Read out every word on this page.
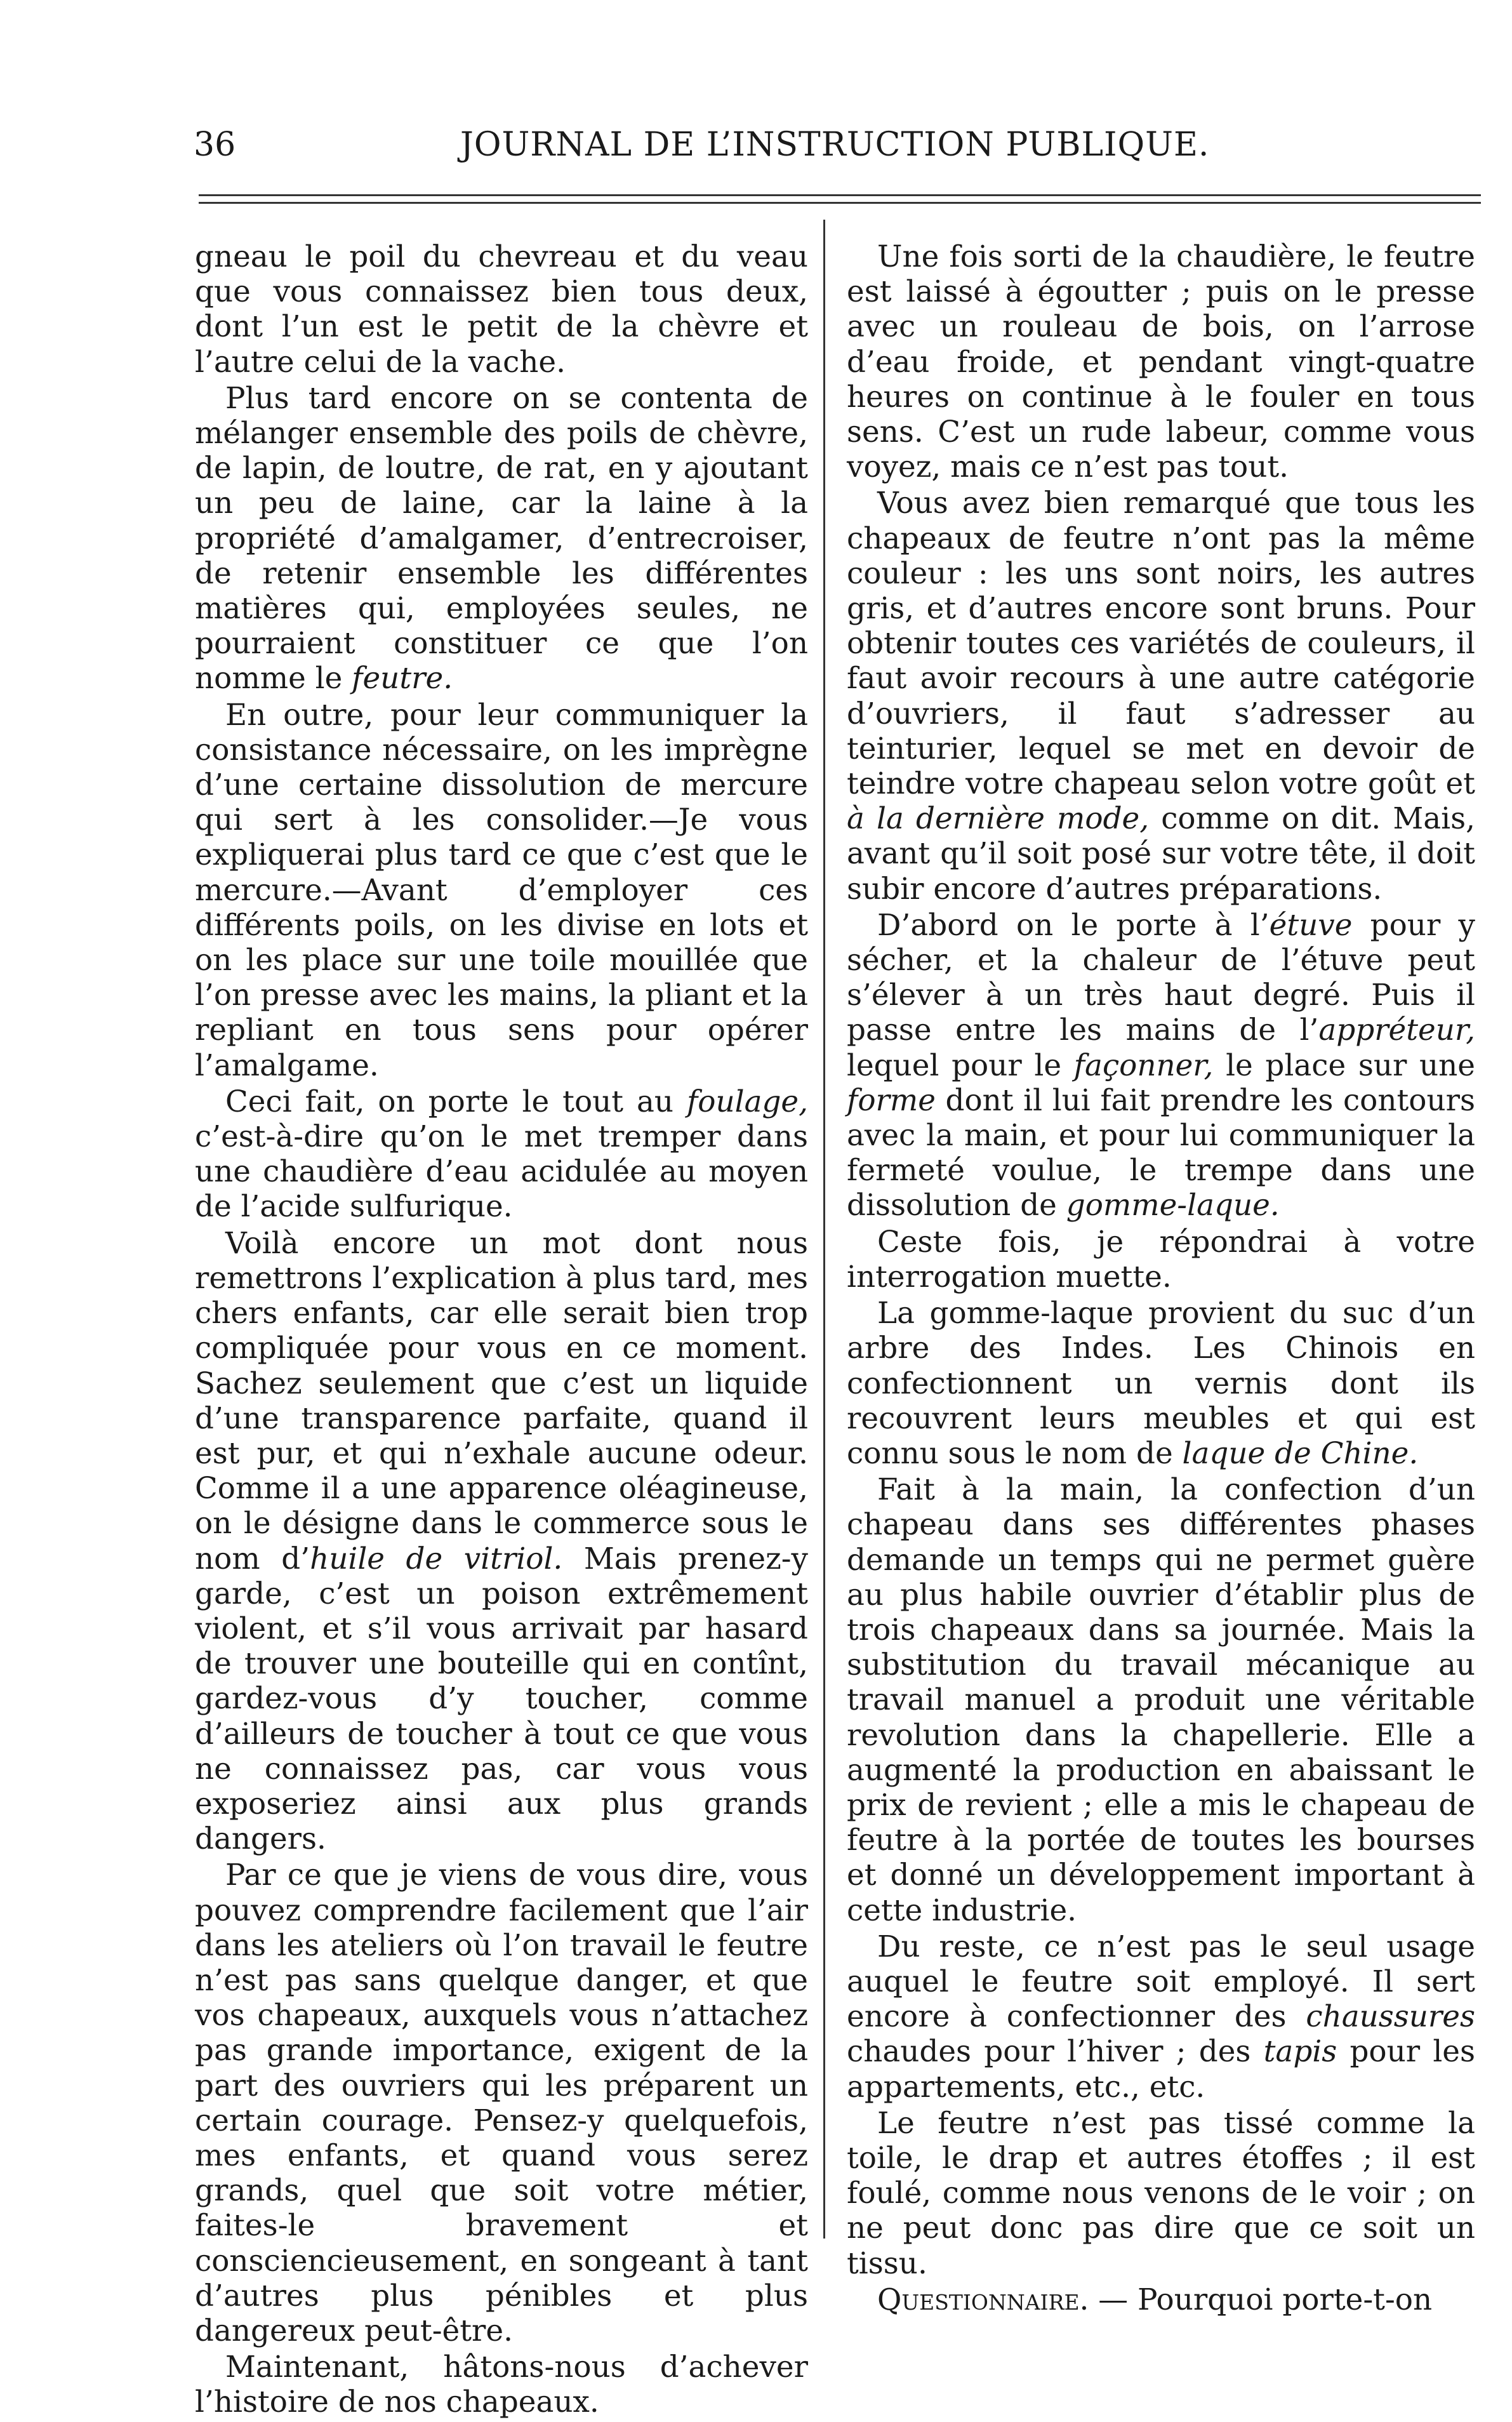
36	JOURNAL DE L’INSTRUCTION PUBLIQUE.

gneau le poil du chevreau et du veau que vous connaissez bien tous deux, dont l’un est le petit de la chèvre et l’autre celui de la vache.

Plus tard encore on se contenta de mélanger ensemble des poils de chèvre, de lapin, de loutre, de rat, en y ajoutant un peu de laine, car la laine à la propriété d’amalgamer, d’entrecroiser, de retenir ensemble les différentes matières qui, employées seules, ne pourraient constituer ce que l’on nomme le feutre.

En outre, pour leur communiquer la consistance nécessaire, on les imprègne d’une certaine dissolution de mercure qui sert à les consolider.—Je vous expliquerai plus tard ce que c’est que le mercure.—Avant d’employer ces différents poils, on les divise en lots et on les place sur une toile mouillée que l’on presse avec les mains, la pliant et la repliant en tous sens pour opérer l’amalgame.

Ceci fait, on porte le tout au foulage, c’est-à-dire qu’on le met tremper dans une chaudière d’eau acidulée au moyen de l’acide sulfurique.

Voilà encore un mot dont nous remettrons l’explication à plus tard, mes chers enfants, car elle serait bien trop compliquée pour vous en ce moment. Sachez seulement que c’est un liquide d’une transparence parfaite, quand il est pur, et qui n’exhale aucune odeur. Comme il a une apparence oléagineuse, on le désigne dans le commerce sous le nom d’huile de vitriol. Mais prenez-y garde, c’est un poison extrêmement violent, et s’il vous arrivait par hasard de trouver une bouteille qui en contînt, gardez-vous d’y toucher, comme d’ailleurs de toucher à tout ce que vous ne connaissez pas, car vous vous exposeriez ainsi aux plus grands dangers.

Par ce que je viens de vous dire, vous pouvez comprendre facilement que l’air dans les ateliers où l’on travail le feutre n’est pas sans quelque danger, et que vos chapeaux, auxquels vous n’attachez pas grande importance, exigent de la part des ouvriers qui les préparent un certain courage. Pensez-y quelquefois, mes enfants, et quand vous serez grands, quel que soit votre métier, faites-le bravement et consciencieusement, en songeant à tant d’autres plus pénibles et plus dangereux peut-être.

Maintenant, hâtons-nous d’achever l’histoire de nos chapeaux.

Une fois sorti de la chaudière, le feutre est laissé à égoutter ; puis on le presse avec un rouleau de bois, on l’arrose d’eau froide, et pendant vingt-quatre heures on continue à le fouler en tous sens. C’est un rude labeur, comme vous voyez, mais ce n’est pas tout.

Vous avez bien remarqué que tous les chapeaux de feutre n’ont pas la même couleur : les uns sont noirs, les autres gris, et d’autres encore sont bruns. Pour obtenir toutes ces variétés de couleurs, il faut avoir recours à une autre catégorie d’ouvriers, il faut s’adresser au teinturier, lequel se met en devoir de teindre votre chapeau selon votre goût et à la dernière mode, comme on dit. Mais, avant qu’il soit posé sur votre tête, il doit subir encore d’autres préparations.

D’abord on le porte à l’étuve pour y sécher, et la chaleur de l’étuve peut s’élever à un très haut degré. Puis il passe entre les mains de l’appréteur, lequel pour le façonner, le place sur une forme dont il lui fait prendre les contours avec la main, et pour lui communiquer la fermeté voulue, le trempe dans une dissolution de gomme-laque.

Ceste fois, je répondrai à votre interrogation muette.

La gomme-laque provient du suc d’un arbre des Indes. Les Chinois en confectionnent un vernis dont ils recouvrent leurs meubles et qui est connu sous le nom de laque de Chine.

Fait à la main, la confection d’un chapeau dans ses différentes phases demande un temps qui ne permet guère au plus habile ouvrier d’établir plus de trois chapeaux dans sa journée. Mais la substitution du travail mécanique au travail manuel a produit une véritable revolution dans la chapellerie. Elle a augmenté la production en abaissant le prix de revient ; elle a mis le chapeau de feutre à la portée de toutes les bourses et donné un développement important à cette industrie.

Du reste, ce n’est pas le seul usage auquel le feutre soit employé. Il sert encore à confectionner des chaussures chaudes pour l’hiver ; des tapis pour les appartements, etc., etc.

Le feutre n’est pas tissé comme la toile, le drap et autres étoffes ; il est foulé, comme nous venons de le voir ; on ne peut donc pas dire que ce soit un tissu.

Questionnaire. — Pourquoi porte-t-on
